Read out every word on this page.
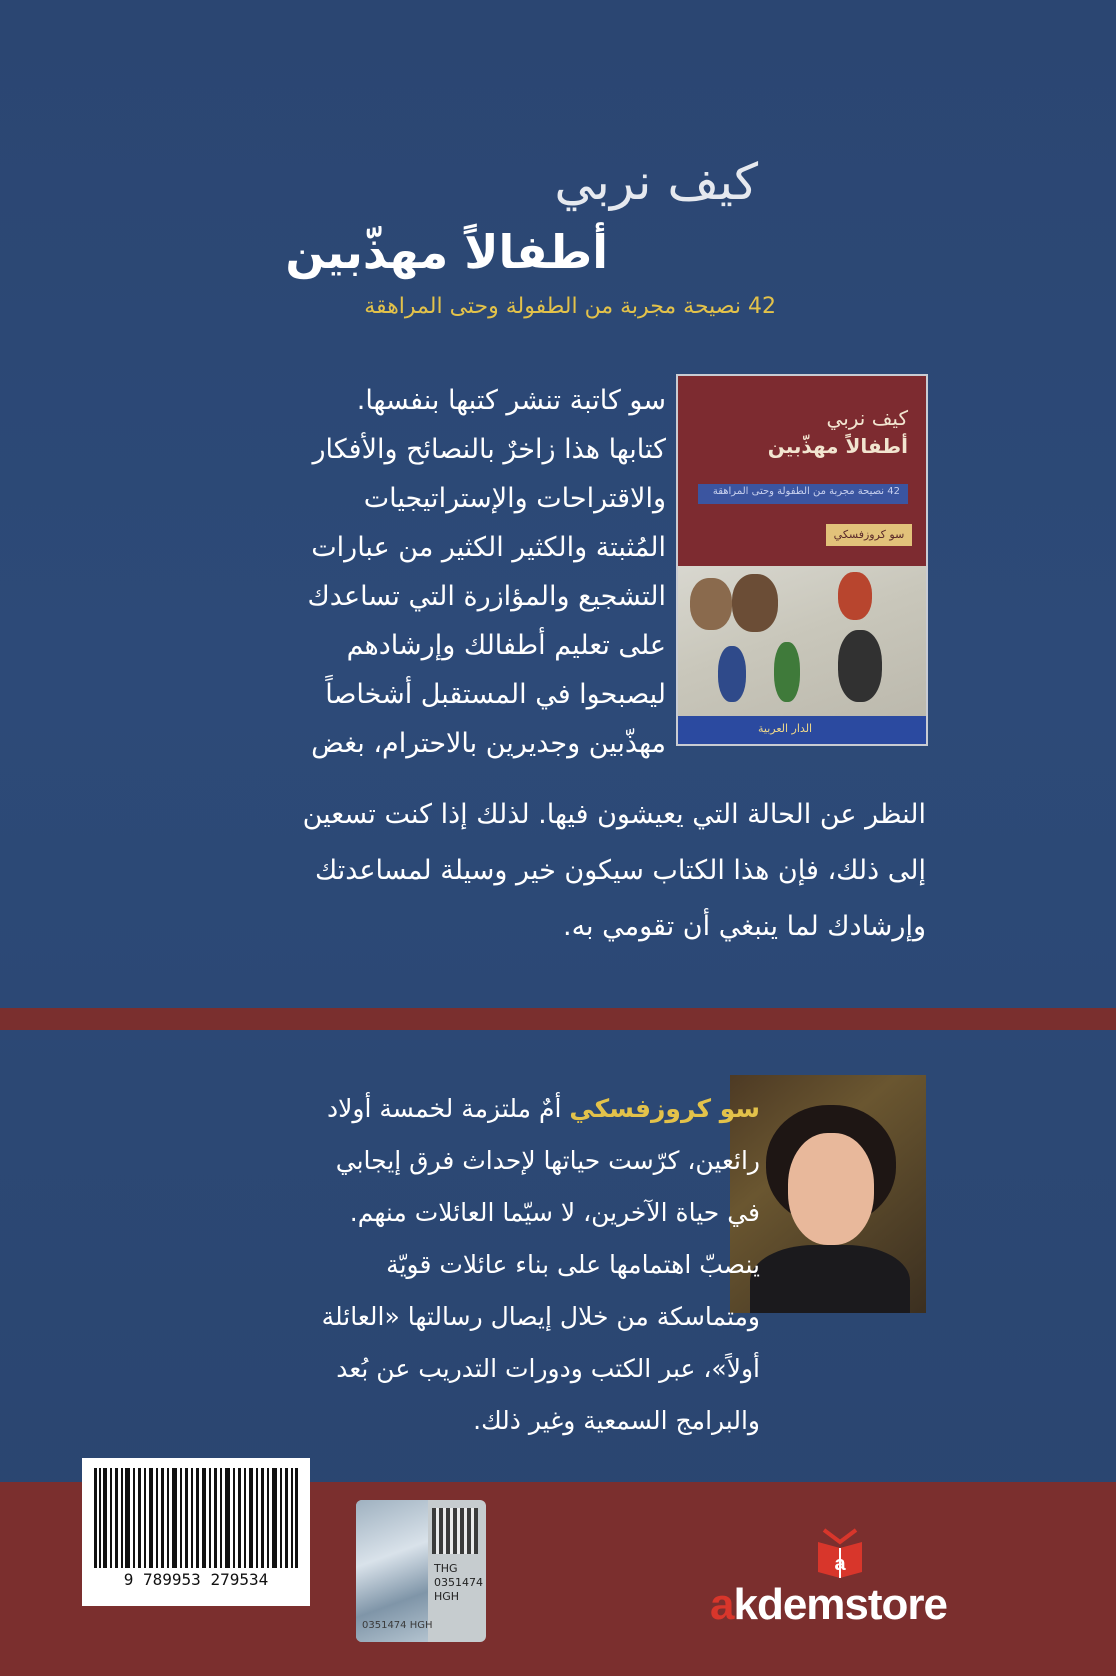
كيف نربي
أطفالاً مهذّبين
42 نصيحة مجربة من الطفولة وحتى المراهقة
كيف نربي
أطفالاً مهذّبين
42 نصيحة مجربة من الطفولة وحتى المراهقة
سو كروزفسكي
الدار العربية
سو كاتبة تنشر كتبها بنفسها.
كتابها هذا زاخرٌ بالنصائح والأفكار
والاقتراحات والإستراتيجيات
المُثبتة والكثير الكثير من عبارات
التشجيع والمؤازرة التي تساعدك
على تعليم أطفالك وإرشادهم
ليصبحوا في المستقبل أشخاصاً
مهذّبين وجديرين بالاحترام، بغض
النظر عن الحالة التي يعيشون فيها. لذلك إذا كنت تسعين
إلى ذلك، فإن هذا الكتاب سيكون خير وسيلة لمساعدتك
وإرشادك لما ينبغي أن تقومي به.
سو كروزفسكي أمٌ ملتزمة لخمسة أولاد
رائعين، كرّست حياتها لإحداث فرق إيجابي
في حياة الآخرين، لا سيّما العائلات منهم.
ينصبّ اهتمامها على بناء عائلات قويّة
ومتماسكة من خلال إيصال رسالتها «العائلة
أولاً»، عبر الكتب ودورات التدريب عن بُعد
والبرامج السمعية وغير ذلك.
9 789953 279534
THG
0351474
HGH
0351474 HGH
a
akdemstore
